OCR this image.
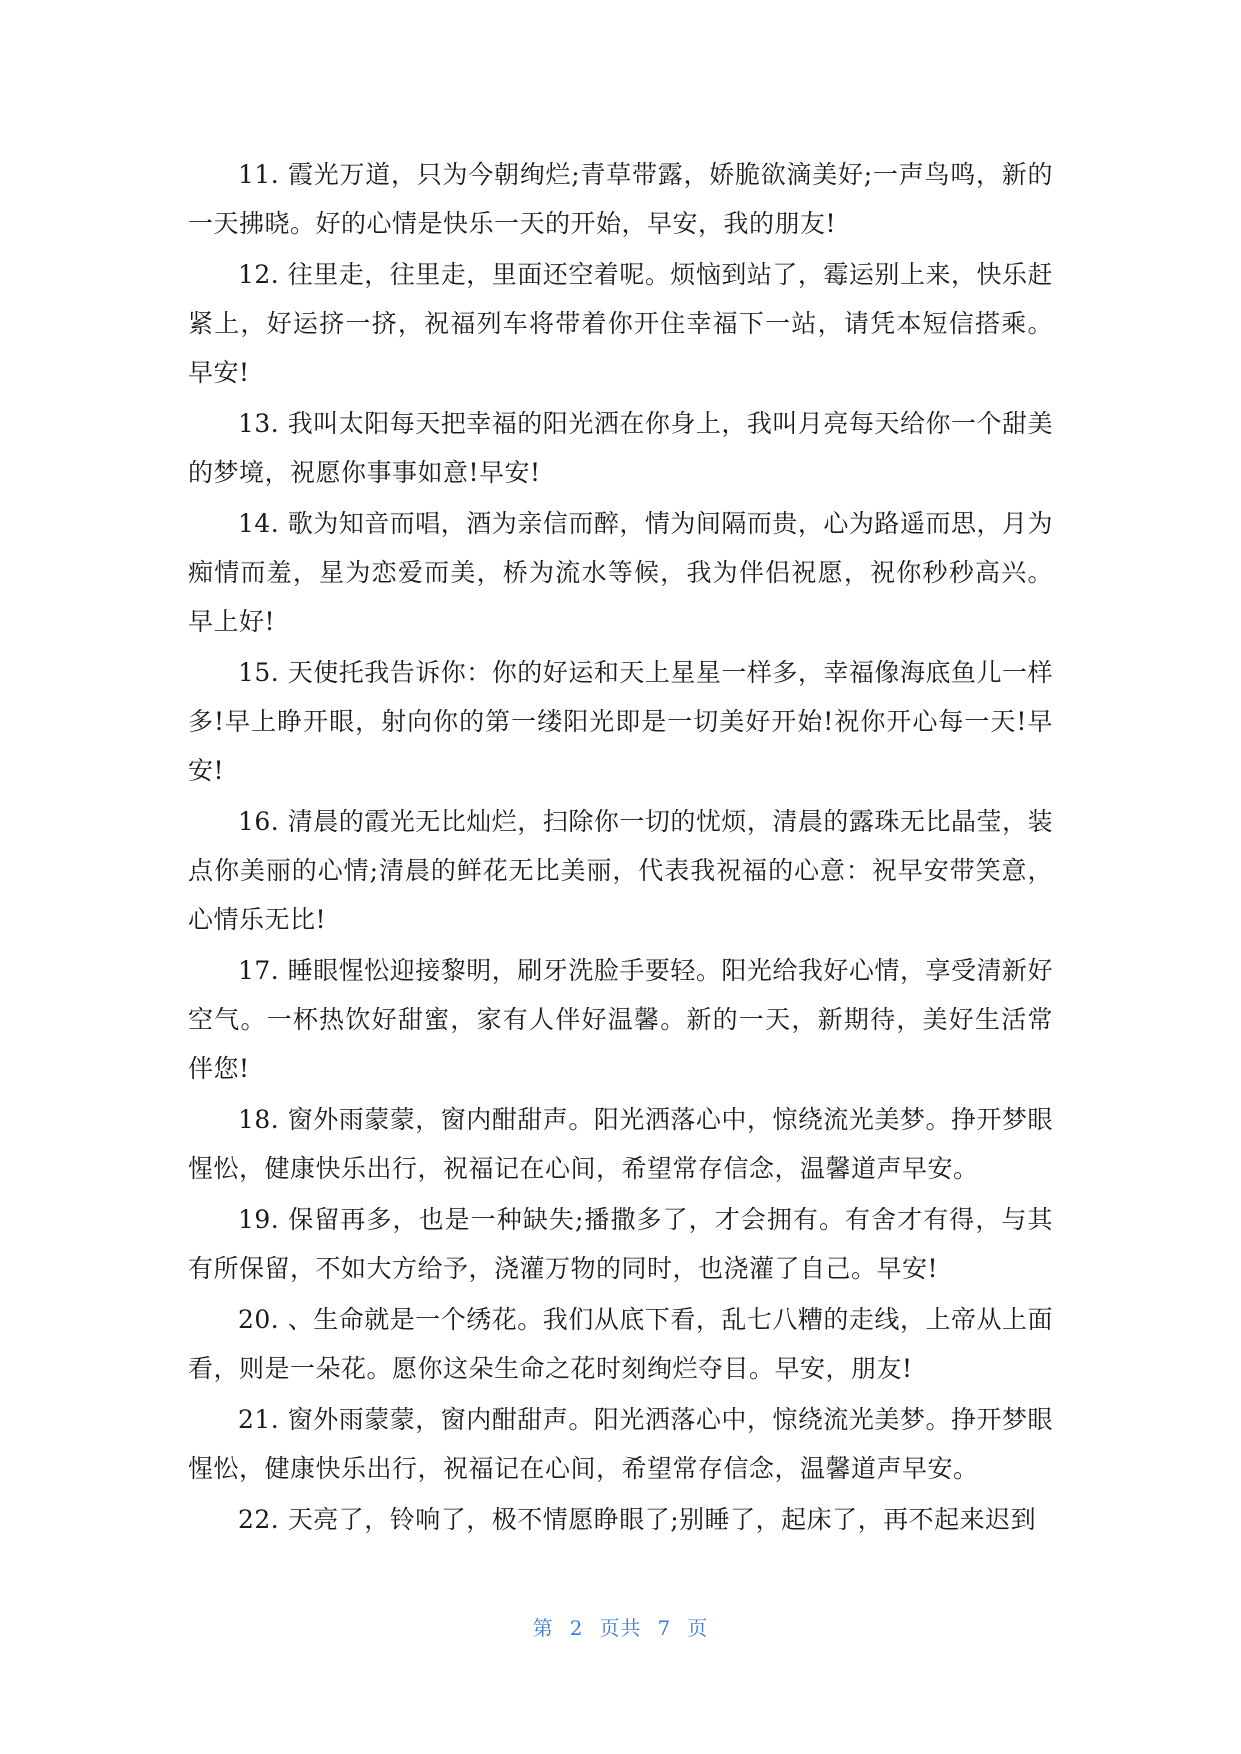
11. 霞光万道，只为今朝绚烂;青草带露，娇脆欲滴美好;一声鸟鸣，新的一天拂晓。好的心情是快乐一天的开始，早安，我的朋友!

12. 往里走，往里走，里面还空着呢。烦恼到站了，霉运别上来，快乐赶紧上，好运挤一挤，祝福列车将带着你开住幸福下一站，请凭本短信搭乘。早安!

13. 我叫太阳每天把幸福的阳光洒在你身上，我叫月亮每天给你一个甜美的梦境，祝愿你事事如意!早安!

14. 歌为知音而唱，酒为亲信而醉，情为间隔而贵，心为路遥而思，月为痴情而羞，星为恋爱而美，桥为流水等候，我为伴侣祝愿，祝你秒秒高兴。早上好!

15. 天使托我告诉你：你的好运和天上星星一样多，幸福像海底鱼儿一样多!早上睁开眼，射向你的第一缕阳光即是一切美好开始!祝你开心每一天!早安!

16. 清晨的霞光无比灿烂，扫除你一切的忧烦，清晨的露珠无比晶莹，装点你美丽的心情;清晨的鲜花无比美丽，代表我祝福的心意：祝早安带笑意，心情乐无比!

17. 睡眼惺忪迎接黎明，刷牙洗脸手要轻。阳光给我好心情，享受清新好空气。一杯热饮好甜蜜，家有人伴好温馨。新的一天，新期待，美好生活常伴您!

18. 窗外雨蒙蒙，窗内酣甜声。阳光洒落心中，惊绕流光美梦。挣开梦眼惺忪，健康快乐出行，祝福记在心间，希望常存信念，温馨道声早安。

19. 保留再多，也是一种缺失;播撒多了，才会拥有。有舍才有得，与其有所保留，不如大方给予，浇灌万物的同时，也浇灌了自己。早安!

20. 、生命就是一个绣花。我们从底下看，乱七八糟的走线，上帝从上面看，则是一朵花。愿你这朵生命之花时刻绚烂夺目。早安，朋友!

21. 窗外雨蒙蒙，窗内酣甜声。阳光洒落心中，惊绕流光美梦。挣开梦眼惺忪，健康快乐出行，祝福记在心间，希望常存信念，温馨道声早安。

22. 天亮了，铃响了，极不情愿睁眼了;别睡了，起床了，再不起来迟到

第 2 页共 7 页
